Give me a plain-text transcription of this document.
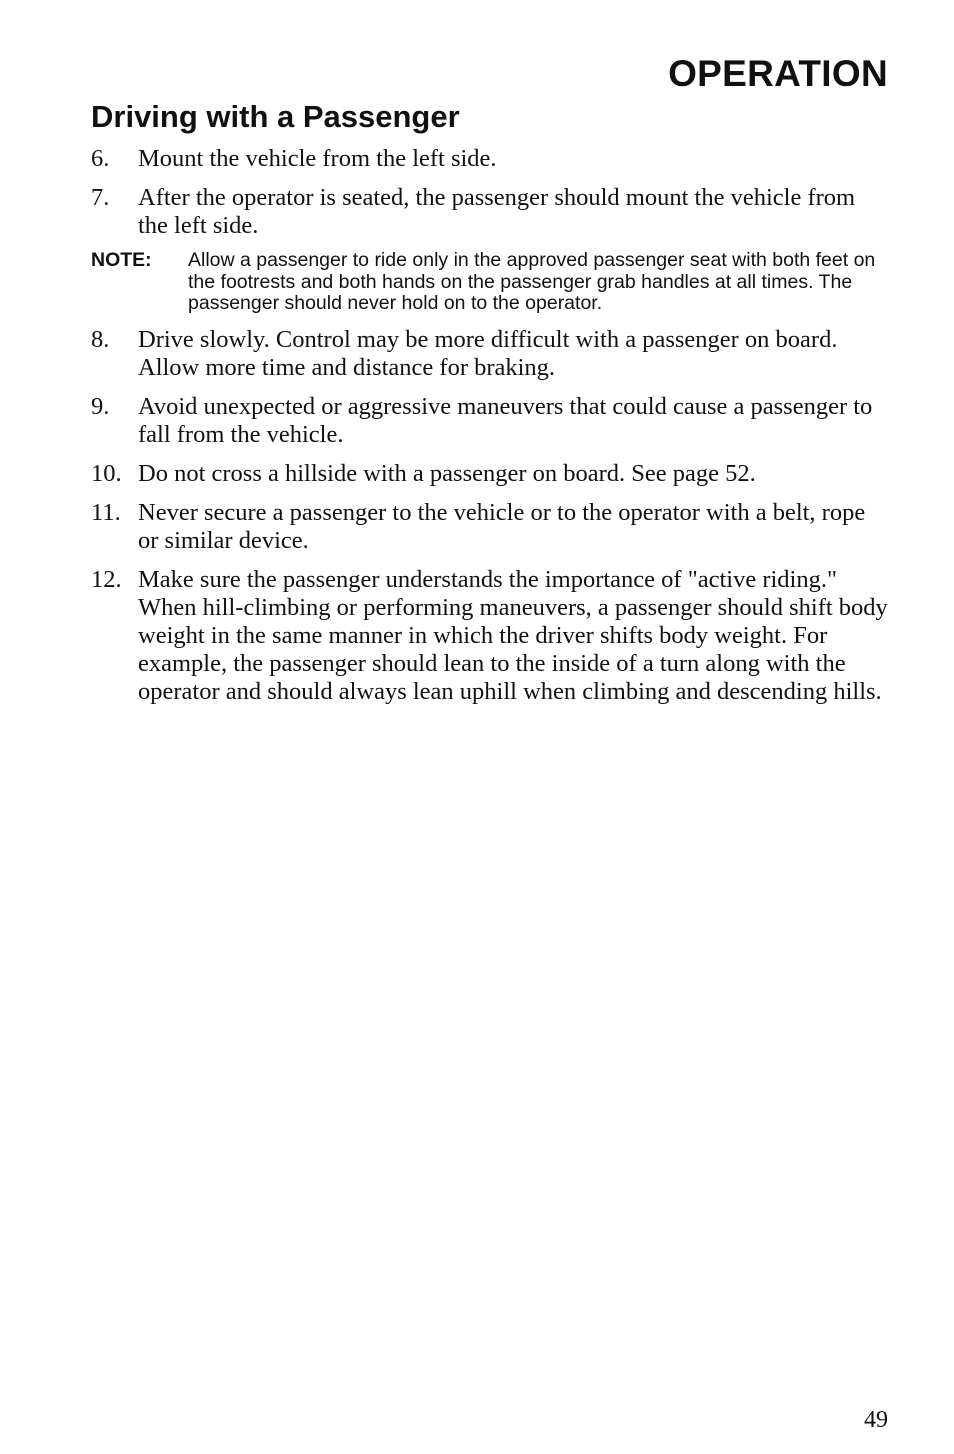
OPERATION
Driving with a Passenger

6. Mount the vehicle from the left side.

7. After the operator is seated, the passenger should mount the vehicle from the left side.

NOTE: Allow a passenger to ride only in the approved passenger seat with both feet on the footrests and both hands on the passenger grab handles at all times. The passenger should never hold on to the operator.

8. Drive slowly. Control may be more difficult with a passenger on board. Allow more time and distance for braking.

9. Avoid unexpected or aggressive maneuvers that could cause a passenger to fall from the vehicle.

10. Do not cross a hillside with a passenger on board. See page 52.

11. Never secure a passenger to the vehicle or to the operator with a belt, rope or similar device.

12. Make sure the passenger understands the importance of "active riding." When hill-climbing or performing maneuvers, a passenger should shift body weight in the same manner in which the driver shifts body weight. For example, the passenger should lean to the inside of a turn along with the operator and should always lean uphill when climbing and descending hills.

49
